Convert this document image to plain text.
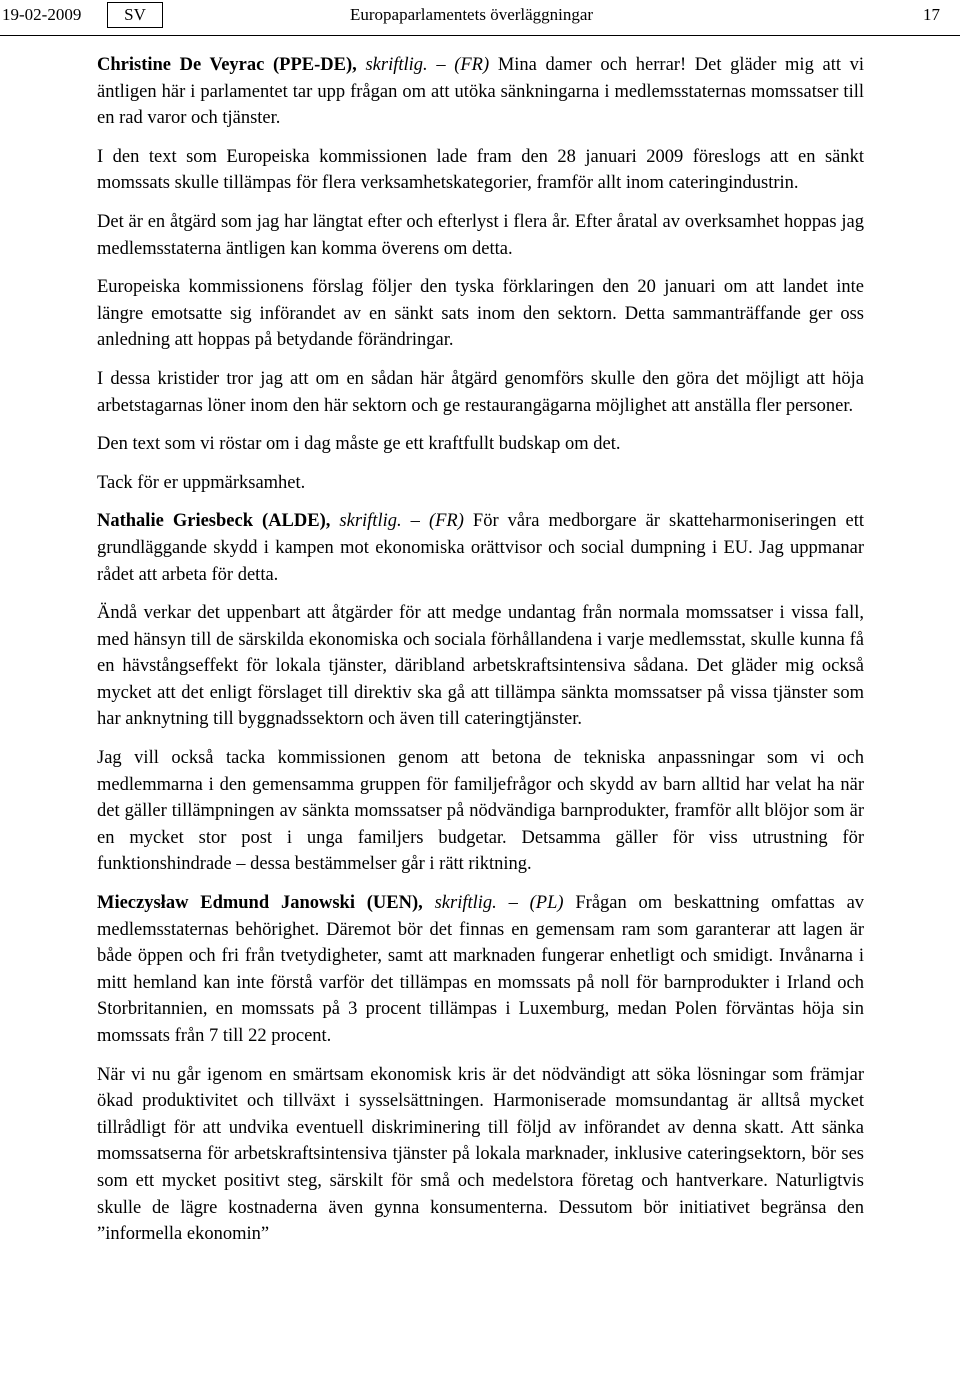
19-02-2009	SV	Europaparlamentets överläggningar	17

Christine De Veyrac (PPE-DE), skriftlig. – (FR) Mina damer och herrar! Det gläder mig att vi äntligen här i parlamentet tar upp frågan om att utöka sänkningarna i medlemsstaternas momssatser till en rad varor och tjänster.

I den text som Europeiska kommissionen lade fram den 28 januari 2009 föreslogs att en sänkt momssats skulle tillämpas för flera verksamhetskategorier, framför allt inom cateringindustrin.

Det är en åtgärd som jag har längtat efter och efterlyst i flera år. Efter åratal av overksamhet hoppas jag medlemsstaterna äntligen kan komma överens om detta.

Europeiska kommissionens förslag följer den tyska förklaringen den 20 januari om att landet inte längre emotsatte sig införandet av en sänkt sats inom den sektorn. Detta sammanträffande ger oss anledning att hoppas på betydande förändringar.

I dessa kristider tror jag att om en sådan här åtgärd genomförs skulle den göra det möjligt att höja arbetstagarnas löner inom den här sektorn och ge restaurangägarna möjlighet att anställa fler personer.

Den text som vi röstar om i dag måste ge ett kraftfullt budskap om det.

Tack för er uppmärksamhet.

Nathalie Griesbeck (ALDE), skriftlig. – (FR) För våra medborgare är skatteharmoniseringen ett grundläggande skydd i kampen mot ekonomiska orättvisor och social dumpning i EU. Jag uppmanar rådet att arbeta för detta.

Ändå verkar det uppenbart att åtgärder för att medge undantag från normala momssatser i vissa fall, med hänsyn till de särskilda ekonomiska och sociala förhållandena i varje medlemsstat, skulle kunna få en hävstångseffekt för lokala tjänster, däribland arbetskraftsintensiva sådana. Det gläder mig också mycket att det enligt förslaget till direktiv ska gå att tillämpa sänkta momssatser på vissa tjänster som har anknytning till byggnadssektorn och även till cateringtjänster.

Jag vill också tacka kommissionen genom att betona de tekniska anpassningar som vi och medlemmarna i den gemensamma gruppen för familjefrågor och skydd av barn alltid har velat ha när det gäller tillämpningen av sänkta momssatser på nödvändiga barnprodukter, framför allt blöjor som är en mycket stor post i unga familjers budgetar. Detsamma gäller för viss utrustning för funktionshindrade – dessa bestämmelser går i rätt riktning.

Mieczysław Edmund Janowski (UEN), skriftlig. – (PL) Frågan om beskattning omfattas av medlemsstaternas behörighet. Däremot bör det finnas en gemensam ram som garanterar att lagen är både öppen och fri från tvetydigheter, samt att marknaden fungerar enhetligt och smidigt. Invånarna i mitt hemland kan inte förstå varför det tillämpas en momssats på noll för barnprodukter i Irland och Storbritannien, en momssats på 3 procent tillämpas i Luxemburg, medan Polen förväntas höja sin momssats från 7 till 22 procent.

När vi nu går igenom en smärtsam ekonomisk kris är det nödvändigt att söka lösningar som främjar ökad produktivitet och tillväxt i sysselsättningen. Harmoniserade momsundantag är alltså mycket tillrådligt för att undvika eventuell diskriminering till följd av införandet av denna skatt. Att sänka momssatserna för arbetskraftsintensiva tjänster på lokala marknader, inklusive cateringsektorn, bör ses som ett mycket positivt steg, särskilt för små och medelstora företag och hantverkare. Naturligtvis skulle de lägre kostnaderna även gynna konsumenterna. Dessutom bör initiativet begränsa den ”informella ekonomin”
